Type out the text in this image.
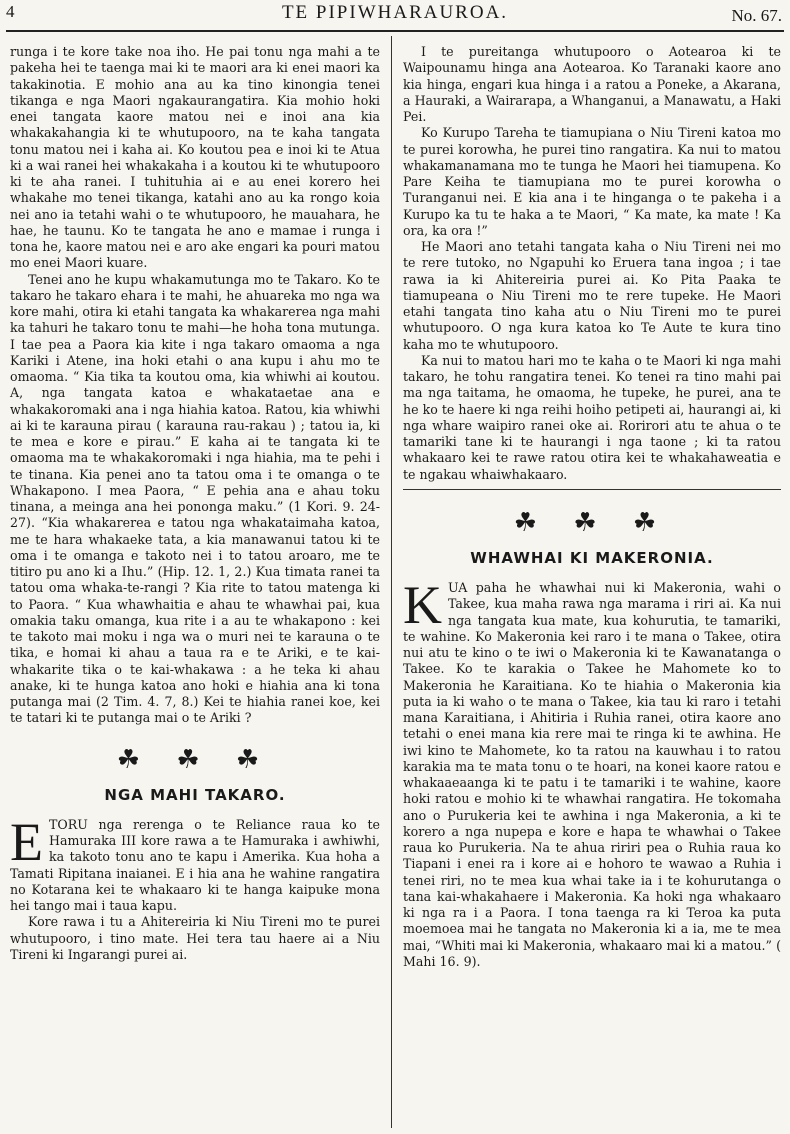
4	TE PIPIWHARAUROA.	No. 67.

runga i te kore take noa iho. He pai tonu nga mahi a te pakeha hei te taenga mai ki te maori ara ki enei maori ka takakinotia. E mohio ana au ka tino kinongia tenei tikanga e nga Maori ngakaurangatira. Kia mohio hoki enei tangata kaore matou nei e inoi ana kia whakakahangia ki te whutupooro, na te kaha tangata tonu matou nei i kaha ai. Ko koutou pea e inoi ki te Atua ki a wai ranei hei whakakaha i a koutou ki te whutupooro ki te aha ranei. I tuhituhia ai e au enei korero hei whakahe mo tenei tikanga, katahi ano au ka rongo koia nei ano ia tetahi wahi o te whutupooro, he mauahara, he hae, he taunu. Ko te tangata he ano e mamae i runga i tona he, kaore matou nei e aro ake engari ka pouri matou mo enei Maori kuare.

Tenei ano he kupu whakamutunga mo te Takaro. Ko te takaro he takaro ehara i te mahi, he ahuareka mo nga wa kore mahi, otira ki etahi tangata ka whakarerea nga mahi ka tahuri he takaro tonu te mahi—he hoha tona mutunga. I tae pea a Paora kia kite i nga takaro omaoma a nga Kariki i Atene, ina hoki etahi o ana kupu i ahu mo te omaoma. “ Kia tika ta koutou oma, kia whiwhi ai koutou. A, nga tangata katoa e whakataetae ana e whakakoromaki ana i nga hiahia katoa. Ratou, kia whiwhi ai ki te karauna pirau ( karauna rau-rakau ) ; tatou ia, ki te mea e kore e pirau.” E kaha ai te tangata ki te omaoma ma te whakakoromaki i nga hiahia, ma te pehi i te tinana. Kia penei ano ta tatou oma i te omanga o te Whakapono. I mea Paora, “ E pehia ana e ahau toku tinana, a meinga ana hei pononga maku.” (1 Kori. 9. 24-27). “Kia whakarerea e tatou nga whakataimaha katoa, me te hara whakaeke tata, a kia manawanui tatou ki te oma i te omanga e takoto nei i to tatou aroaro, me te titiro pu ano ki a Ihu.” (Hip. 12. 1, 2.) Kua timata ranei ta tatou oma whaka-te-rangi ? Kia rite to tatou matenga ki to Paora. “ Kua whawhaitia e ahau te whawhai pai, kua omakia taku omanga, kua rite i a au te whakapono : kei te takoto mai moku i nga wa o muri nei te karauna o te tika, e homai ki ahau a taua ra e te Ariki, e te kai-whakarite tika o te kai-whakawa : a he teka ki ahau anake, ki te hunga katoa ano hoki e hiahia ana ki tona putanga mai (2 Tim. 4. 7, 8.) Kei te hiahia ranei koe, kei te tatari ki te putanga mai o te Ariki ?

☘ ☘ ☘
NGA MAHI TAKARO.

ETORU nga rerenga o te Reliance raua ko te Hamuraka III kore rawa a te Hamuraka i awhiwhi, ka takoto tonu ano te kapu i Amerika. Kua hoha a Tamati Ripitana inaianei. E i hia ana he wahine rangatira no Kotarana kei te whakaaro ki te hanga kaipuke mona hei tango mai i taua kapu.

Kore rawa i tu a Ahitereiria ki Niu Tireni mo te purei whutupooro, i tino mate. Hei tera tau haere ai a Niu Tireni ki Ingarangi purei ai.

I te pureitanga whutupooro o Aotearoa ki te Waipounamu hinga ana Aotearoa. Ko Taranaki kaore ano kia hinga, engari kua hinga i a ratou a Poneke, a Akarana, a Hauraki, a Wairarapa, a Whanganui, a Manawatu, a Haki Pei.

Ko Kurupo Tareha te tiamupiana o Niu Tireni katoa mo te purei korowha, he purei tino rangatira. Ka nui to matou whakamanamana mo te tunga he Maori hei tiamupena. Ko Pare Keiha te tiamupiana mo te purei korowha o Turanganui nei. E kia ana i te hinganga o te pakeha i a Kurupo ka tu te haka a te Maori, “ Ka mate, ka mate ! Ka ora, ka ora !”

He Maori ano tetahi tangata kaha o Niu Tireni nei mo te rere tutoko, no Ngapuhi ko Eruera tana ingoa ; i tae rawa ia ki Ahitereiria purei ai. Ko Pita Paaka te tiamupeana o Niu Tireni mo te rere tupeke. He Maori etahi tangata tino kaha atu o Niu Tireni mo te purei whutupooro. O nga kura katoa ko Te Aute te kura tino kaha mo te whutupooro.

Ka nui to matou hari mo te kaha o te Maori ki nga mahi takaro, he tohu rangatira tenei. Ko tenei ra tino mahi pai ma nga taitama, he omaoma, he tupeke, he purei, ana te he ko te haere ki nga reihi hoiho petipeti ai, haurangi ai, ki nga whare waipiro ranei oke ai. Rorirori atu te ahua o te tamariki tane ki te haurangi i nga taone ; ki ta ratou whakaaro kei te rawe ratou otira kei te whakahaweatia e te ngakau whaiwhakaaro.

☘ ☘ ☘
WHAWHAI KI MAKERONIA.

KUA paha he whawhai nui ki Makeronia, wahi o Takee, kua maha rawa nga marama i riri ai. Ka nui nga tangata kua mate, kua kohurutia, te tamariki, te wahine. Ko Makeronia kei raro i te mana o Takee, otira nui atu te kino o te iwi o Makeronia ki te Kawanatanga o Takee. Ko te karakia o Takee he Mahomete ko to Makeronia he Karaitiana. Ko te hiahia o Makeronia kia puta ia ki waho o te mana o Takee, kia tau ki raro i tetahi mana Karaitiana, i Ahitiria i Ruhia ranei, otira kaore ano tetahi o enei mana kia rere mai te ringa ki te awhina. He iwi kino te Mahomete, ko ta ratou na kauwhau i to ratou karakia ma te mata tonu o te hoari, na konei kaore ratou e whakaaeaanga ki te patu i te tamariki i te wahine, kaore hoki ratou e mohio ki te whawhai rangatira. He tokomaha ano o Purukeria kei te awhina i nga Makeronia, a ki te korero a nga nupepa e kore e hapa te whawhai o Takee raua ko Purukeria. Na te ahua ririri pea o Ruhia raua ko Tiapani i enei ra i kore ai e hohoro te wawao a Ruhia i tenei riri, no te mea kua whai take ia i te kohurutanga o tana kai-whakahaere i Makeronia. Ka hoki nga whakaaro ki nga ra i a Paora. I tona taenga ra ki Teroa ka puta moemoea mai he tangata no Makeronia ki a ia, me te mea mai, “Whiti mai ki Makeronia, whakaaro mai ki a matou.” ( Mahi 16. 9).
